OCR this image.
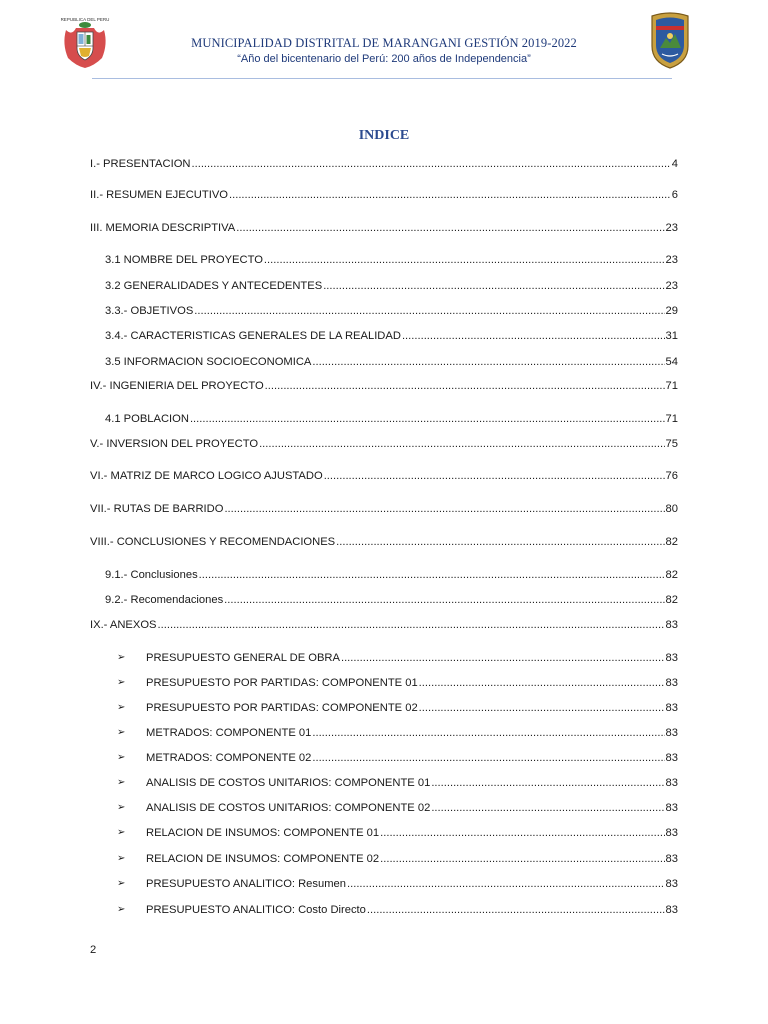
REPUBLICA DEL PERU
MUNICIPALIDAD DISTRITAL DE MARANGANI GESTIÓN 2019-2022
“Año del bicentenario del Perú: 200 años de Independencia”
INDICE
I.- PRESENTACION .....	4
II.- RESUMEN EJECUTIVO .....	6
III. MEMORIA DESCRIPTIVA .....	23
3.1 NOMBRE DEL PROYECTO .....	23
3.2 GENERALIDADES Y ANTECEDENTES .....	23
3.3.- OBJETIVOS .....	29
3.4.- CARACTERISTICAS GENERALES DE LA REALIDAD .....	31
3.5 INFORMACION SOCIOECONOMICA .....	54
IV.- INGENIERIA DEL PROYECTO .....	71
4.1 POBLACION .....	71
V.- INVERSION DEL PROYECTO .....	75
VI.- MATRIZ DE MARCO LOGICO AJUSTADO .....	76
VII.- RUTAS DE BARRIDO .....	80
VIII.- CONCLUSIONES Y RECOMENDACIONES .....	82
9.1.- Conclusiones .....	82
9.2.- Recomendaciones .....	82
IX.- ANEXOS .....	83
➢ PRESUPUESTO GENERAL DE OBRA .....	83
➢ PRESUPUESTO POR PARTIDAS: COMPONENTE 01 .....	83
➢ PRESUPUESTO POR PARTIDAS: COMPONENTE 02 .....	83
➢ METRADOS: COMPONENTE 01 .....	83
➢ METRADOS: COMPONENTE 02 .....	83
➢ ANALISIS DE COSTOS UNITARIOS: COMPONENTE 01 .....	83
➢ ANALISIS DE COSTOS UNITARIOS: COMPONENTE 02 .....	83
➢ RELACION DE INSUMOS: COMPONENTE 01 .....	83
➢ RELACION DE INSUMOS: COMPONENTE 02 .....	83
➢ PRESUPUESTO ANALITICO: Resumen .....	83
➢ PRESUPUESTO ANALITICO: Costo Directo .....	83
2
